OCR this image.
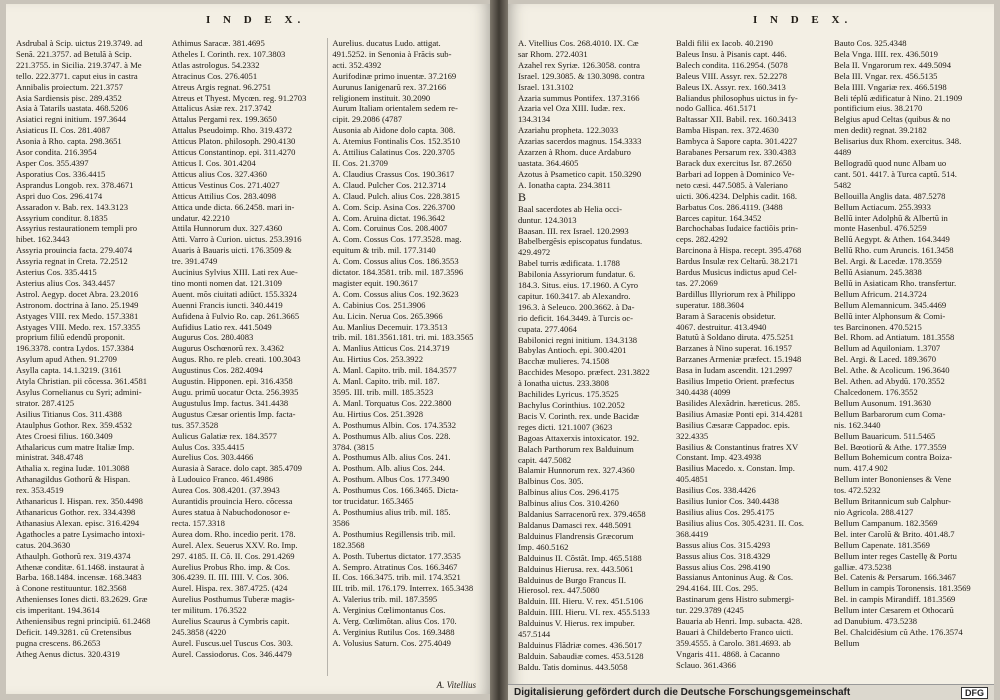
I N D E X.
Asdrubal à Scip. uictus 219.3749. ad
Senã. 221.3757. ad Betulã à Scip.
221.3755. in Sicilia. 219.3747. à Me
tello. 222.3771. caput eius in castra
Annibalis proiectum. 221.3757
Asia Sardiensis pisc. 289.4352
Asia à Tatarils uastata. 468.5206
Asiatici regni initium. 197.3644
Asiaticus II. Cos. 281.4087
Asonia à Rho. capta. 298.3651
Asor condita. 216.3954
Asper Cos. 355.4397
Asporatius Cos. 336.4415
Asprandus Longob. rex. 378.4671
Aspri duo Cos. 296.4174
Assaradon v. Bab. rex. 143.3123
Assyrium conditur. 8.1835
Assyrius restaurationem templi pro
hibet. 162.3443
Assyria prouincia facta. 279.4074
Assyria regnat in Creta. 72.2512
Asterius Cos. 335.4415
Asterius alius Cos. 343.4457
Astrol. Aegyp. docet Abra. 23.2016
Astronom. doctrina à Iano. 25.1949
Astyages VIII. rex Medo. 157.3381
Astyages VIII. Medo. rex. 157.3355
proprium filiũ edendũ proponit.
196.3378. contra Lydos. 157.3384
Asylum apud Athen. 91.2709
Asylla capta. 14.1.3219. (3161
Atyla Christian. pii cõcessa. 361.4581
Asylus Cornelianus cu Syri; admini-
strator. 287.4125
Asilius Titianus Cos. 311.4388
Ataulphus Gothor. Rex. 359.4532
Ates Croesi filius. 160.3409
Athalaricus cum matre Italiæ Imp.
ministrat. 348.4748
Athalia x. regina Iudæ. 101.3088
Athanagildus Gothorũ & Hispan.
rex. 353.4519
Athanaricus I. Hispan. rex. 350.4498
Athanaricus Gothor. rex. 334.4398
Athanasius Alexan. episc. 316.4294
Agathocles a patre Lysimacho intoxi-
catus. 204.3630
Athaulph. Gothorũ rex. 319.4374
Athenæ conditæ. 61.1468. instaurat à
Barba. 168.1484. incensæ. 168.3483
à Conone restituuntur. 182.3568
Athenienses Iones dicti. 83.2629. Græ
cis imperitant. 194.3614
Atheniensibus regni principiũ. 61.2468
Deficit. 149.3281. cũ Cretensibus
pugna crescens. 86.2653
Atheg Aenus dictus. 320.4319
Athimus Saracæ. 381.4695
Atheles I. Corinth. rex. 107.3803
Atlas astrologus. 54.2332
Atracinus Cos. 276.4051
Atreus Argis regnat. 96.2751
Atreus et Thyest. Mycœn. reg. 91.2703
Attalicus Asiæ rex. 217.3742
Attalus Pergami rex. 199.3650
Attalus Pseudoimp. Rho. 319.4372
Atticus Platon. philosoph. 290.4130
Atticus Constantinop. epi. 311.4270
Atticus I. Cos. 301.4204
Atticus alius Cos. 327.4360
Atticus Vestinus Cos. 271.4027
Atticus Attilius Cos. 283.4098
Attica unde dicta. 66.2458. mari in-
undatur. 42.2210
Attila Hunnorum dux. 327.4360
Atti. Varro à Curion. uictus. 253.3916
Auaris à Bauaris uicti. 176.3509 &
tre. 391.4749
Aucinius Sylvius XIII. Lati rex Aue-
tino monti nomen dat. 121.3109
Auent. mõs ciuitati adiũct. 155.3324
Auenni Francis iuncti. 340.4419
Aufidena à Fulvio Ro. cap. 261.3665
Aufidius Latio rex. 441.5049
Augurus Cos. 280.4083
Augurus Oschœnorũ rex. 3.4362
Augus. Rho. re pleb. creati. 100.3043
Augustinus Cos. 282.4094
Augustin. Hipponen. epi. 316.4358
Augu. primũ uocatur Octa. 256.3935
Augustulus Imp. factus. 341.4438
Augustus Cæsar orientis Imp. facta-
tus. 357.3528
Aulicus Galatiæ rex. 184.3577
Aulus Cos. 335.4415
Aurelius Cos. 303.4466
Aurasia à Sarace. dolo capt. 385.4709
à Ludouico Franco. 461.4986
Aurea Cos. 308.4201. (37.3943
Aurantidis prouincia Hero. cõcessa
Aures statua à Nabuchodonosor e-
recta. 157.3318
Aurea dom. Rho. incedio perit. 178.
Aurel. Alex. Seuerus XXV. Ro. Imp.
297. 4185. II. Cõ. II. Cos. 291.4269
Aurelius Probus Rho. imp. & Cos.
306.4239. II. III. IIII. V. Cos. 306.
Aurel. Hispa. rex. 387.4725. (424
Aurelius Posthumus Tuberæ magis-
ter militum. 176.3522
Aurelius Scaurus à Cymbris capit.
245.3858 (4220
Aurel. Fuscus.uel Tuscus Cos. 303.
Aurel. Cassiodorus. Cos. 346.4479
Aurelius. ducatus Ludo. attigat.
491.5252. in Senonia à Frãcis sub-
acti. 352.4392
Aurifodinæ primo inuentæ. 37.2169
Aurunus Ianigenarũ rex. 37.2166
religionem instituit. 30.2090
Aurum Italiam orientalem sedem re-
cipit. 29.2086 (4787
Ausonia ab Aidone dolo capta. 308.
A. Atemius Fontinalis Cos. 152.3510
A. Attilius Calatinus Cos. 220.3705
II. Cos. 21.3709
A. Claudius Crassus Cos. 190.3617
A. Claud. Pulcher Cos. 212.3714
A. Claud. Pulch. alius Cos. 228.3815
A. Com. Scip. Asina Cos. 226.3700
A. Com. Aruina dictat. 196.3642
A. Com. Coruinus Cos. 208.4007
A. Com. Cossus Cos. 177.3528. mag.
equitum & trib. mil. 177.3140
A. Com. Cossus alius Cos. 186.3553
dictator. 184.3581. trib. mil. 187.3596
magister equit. 190.3617
A. Com. Cossus alius Cos. 192.3623
A. Cabinius Cos. 251.3906
Au. Licin. Nerua Cos. 265.3966
Au. Manlius Decemuir. 173.3513
trib. mil. 181.3561.181. tri. mi. 183.3565
A. Manlius Atticus Cos. 214.3719
Au. Hirtius Cos. 253.3922
A. Manl. Capito. trib. mil. 184.3577
A. Manl. Capito. trib. mil. 187.
3595. III. trib. mill. 185.3523
A. Manl. Torquatus Cos. 222.3800
Au. Hirtius Cos. 251.3928
A. Posthumus Albin. Cos. 174.3532
A. Posthumus Alb. alius Cos. 228.
3784. (3815
A. Posthumus Alb. alius Cos. 241.
A. Posthum. Alb. alius Cos. 244.
A. Posthum. Albus Cos. 177.3490
A. Posthumus Cos. 166.3465. Dicta-
tor trucidatur. 165.3465
A. Posthumius alius trib. mil. 185.
3586
A. Posthumius Regillensis trib. mil.
182.3568
A. Posth. Tubertus dictator. 177.3535
A. Sempro. Atratinus Cos. 166.3467
II. Cos. 166.3475. trib. mil. 174.3521
III. trib. mil. 176.179. Interrex. 165.3438
A. Valerius trib. mil. 187.3595
A. Verginius Cœlimontanus Cos.
A. Verg. Cœlimõtan. alius Cos. 170.
A. Verginius Rutilus Cos. 169.3488
A. Volusius Saturn. Cos. 275.4049
A. Vitellius
I N D E X.
A. Vitellius Cos. 268.4010. IX. Cæ
sar Rhom. 272.4031
Azahel rex Syriæ. 126.3058. contra
Israel. 129.3085. & 130.3098. contra
Israel. 131.3102
Azaria summus Pontifex. 137.3166
Azaria vel Oza XIII. Iudæ. rex.
134.3134
Azariahu propheta. 122.3033
Azarias sacerdos magnus. 154.3333
Azarzen à Rhom. duce Ardaburo
uastata. 364.4605
Azotus à Psametico capit. 150.3290
A. Ionatha capta. 234.3811
B
Baal sacerdotes ab Helia occi-
duntur. 124.3013
Baasan. III. rex Israel. 120.2993
Babelbergẽsis episcopatus fundatus.
429.4972
Babel turris ædificata. 1.1788
Babilonia Assyriorum fundatur. 6.
184.3. Situs. eius. 17.1960. A Cyro
capitur. 160.3417. ab Alexandro.
196.3. à Seleuco. 200.3662. à Da-
rio deficit. 164.3449. à Turcis oc-
cupata. 277.4064
Babilonici regni initium. 134.3138
Babylas Antioch. epi. 300.4201
Bacchæ mulieres. 74.1508
Bacchides Mesopo. præfect. 231.3822
à Ionatha uictus. 233.3808
Bachilides Lyricus. 175.3525
Bachylus Corinthius. 102.2052
Bacis V. Corinth. rex. unde Bacidæ
reges dicti. 121.1007 (3623
Bagoas Attaxerxis intoxicator. 192.
Balach Parthorum rex Balduinum
capit. 447.5082
Balamir Hunnorum rex. 327.4360
Balbinus Cos. 305.
Balbinus alius Cos. 296.4175
Balbinus alius Cos. 310.4260
Baldanius Sarracenorũ rex. 379.4658
Baldanus Damasci rex. 448.5091
Balduinus Flandrensis Græcorum
Imp. 460.5162
Balduinus II. Cõstãt. Imp. 465.5188
Balduinus Hierusa. rex. 443.5061
Balduinus de Burgo Francus II.
Hierosol. rex. 447.5080
Balduin. III. Hieru. V. rex. 451.5106
Balduin. IIII. Hieru. VI. rex. 455.5133
Balduinus V. Hierus. rex impuber.
457.5144
Balduinus Flãdriæ comes. 436.5017
Balduin. Sabaudiæ comes. 453.5128
Baldu. Tatis dominus. 443.5058
Baldi filii ex Iacob. 40.2190
Baleus Insu. à Pisanis capt. 446.
Balech condita. 116.2954. (5078
Baleus VIII. Assyr. rex. 52.2278
Baleus IX. Assyr. rex. 160.3413
Baliandus philosophus uictus in fy-
nodo Gallica. 461.5171
Baltassar XII. Babil. rex. 160.3413
Bamba Hispan. rex. 372.4630
Bambyca à Sapore capta. 301.4227
Barabanes Persarum rex. 330.4383
Barack dux exercitus Isr. 87.2650
Barbari ad Ioppen à Dominico Ve-
neto cæsi. 447.5085. à Valeriano
uicti. 306.4234. Delphis cadit. 168.
Barbatus Cos. 286.4119. (3488
Barces capitur. 164.3452
Barchochabas Iudaice factiõis prin-
ceps. 282.4292
Barcinona à Hispa. recept. 395.4768
Bardus Insulæ rex Celtarũ. 38.2171
Bardus Musicus indictus apud Cel-
tas. 27.2069
Bardillus Illyriorum rex à Philippo
superatur. 188.3604
Baram à Saracenis obsidetur.
4067. destruitur. 413.4940
Batutũ à Soldano diruta. 475.5251
Barzanes à Nino superat. 16.1957
Barzanes Armeniæ præfect. 15.1948
Basa in Iudam ascendit. 121.2997
Basilius Impetio Orient. præfectus
340.4438 (4099
Basilides Alexãdrin. hæreticus. 285.
Basilius Amasiæ Ponti epi. 314.4281
Basilius Cæsaræ Cappadoc. epis.
322.4335
Basilius & Constantinus fratres XV
Constant. Imp. 423.4938
Basilius Macedo. x. Constan. Imp.
405.4851
Basilius Cos. 338.4426
Basilius Iunior Cos. 340.4438
Basilius alius Cos. 295.4175
Basilius alius Cos. 305.4231. II. Cos.
368.4419
Bassus alius Cos. 315.4293
Bassus alius Cos. 318.4329
Bassus alius Cos. 298.4190
Bassianus Antoninus Aug. & Cos.
294.4164. III. Cos. 295.
Bastinarum gens Histro submergi-
tur. 229.3789 (4245
Bauaria ab Henri. Imp. subacta. 428.
Bauari à Childeberto Franco uicti.
359.4555. à Carolo. 381.4693. ab
Vngaris 411. 4868. à Cacanno
Sclauo. 361.4366
Bauto Cos. 325.4348
Bela Vnga. IIII. rex. 436.5019
Bela II. Vngarorum rex. 449.5094
Bela III. Vngar. rex. 456.5135
Bela IIII. Vngariæ rex. 466.5198
Beli téplũ ædificatur à Nino. 21.1909
pontificium eius. 38.2170
Belgius apud Celtas (quibus & no
men dedit) regnat. 39.2182
Belisarius dux Rhom. exercitus. 348.
4489
Bellogradũ quod nunc Albam uo
cant. 501. 4417. à Turca captũ. 514.
5482
Bellouilla Anglis data. 487.5278
Bellum Actiacum. 255.3933
Bellũ inter Adolphũ & Albertũ in
monte Hasenbul. 476.5259
Bellũ Aegypt. & Athen. 164.3449
Bellũ Rho. cum Aruncis. 161.3458
Bel. Argi. & Lacedæ. 178.3559
Bellũ Asianum. 245.3838
Bellũ in Asiaticam Rho. transfertur.
Bellum Africum. 214.3724
Bellum Alemannicum. 345.4469
Bellũ inter Alphonsum & Comi-
tes Barcinonen. 470.5215
Bel. Rhom. ad Antiatum. 181.3558
Bellum ad Aquiloniam. 1.3707
Bel. Argi. & Laced. 189.3670
Bel. Athe. & Acolicum. 196.3640
Bel. Athen. ad Abydũ. 170.3552
Chalcedonem. 176.3552
Bellum Ausonum. 191.3630
Bellum Barbarorum cum Coma-
nis. 162.3440
Bellum Bauaricum. 511.5465
Bel. Bœotiorũ & Athe. 177.3559
Bellum Bohemicum contra Boiza-
num. 417.4 902
Bellum inter Bononienses & Vene
tos. 472.5232
Bellum Britannicum sub Calphur-
nio Agricola. 288.4127
Bellum Campanum. 182.3569
Bel. inter Carolũ & Brito. 401.48.7
Bellum Capenate. 181.3569
Bellum inter reges Castellę & Portu
galliæ. 473.5238
Bel. Catenis & Persarum. 166.3467
Bellum in campis Toronensis. 181.3569
Bel. in campis Mirandiff. 181.3569
Bellum inter Cæsarem et Othocarũ
ad Danubium. 473.5238
Bel. Chalcidẽsium cũ Athe. 176.3574
Bellum
Digitalisierung gefördert durch die Deutsche Forschungsgemeinschaft	DFG
